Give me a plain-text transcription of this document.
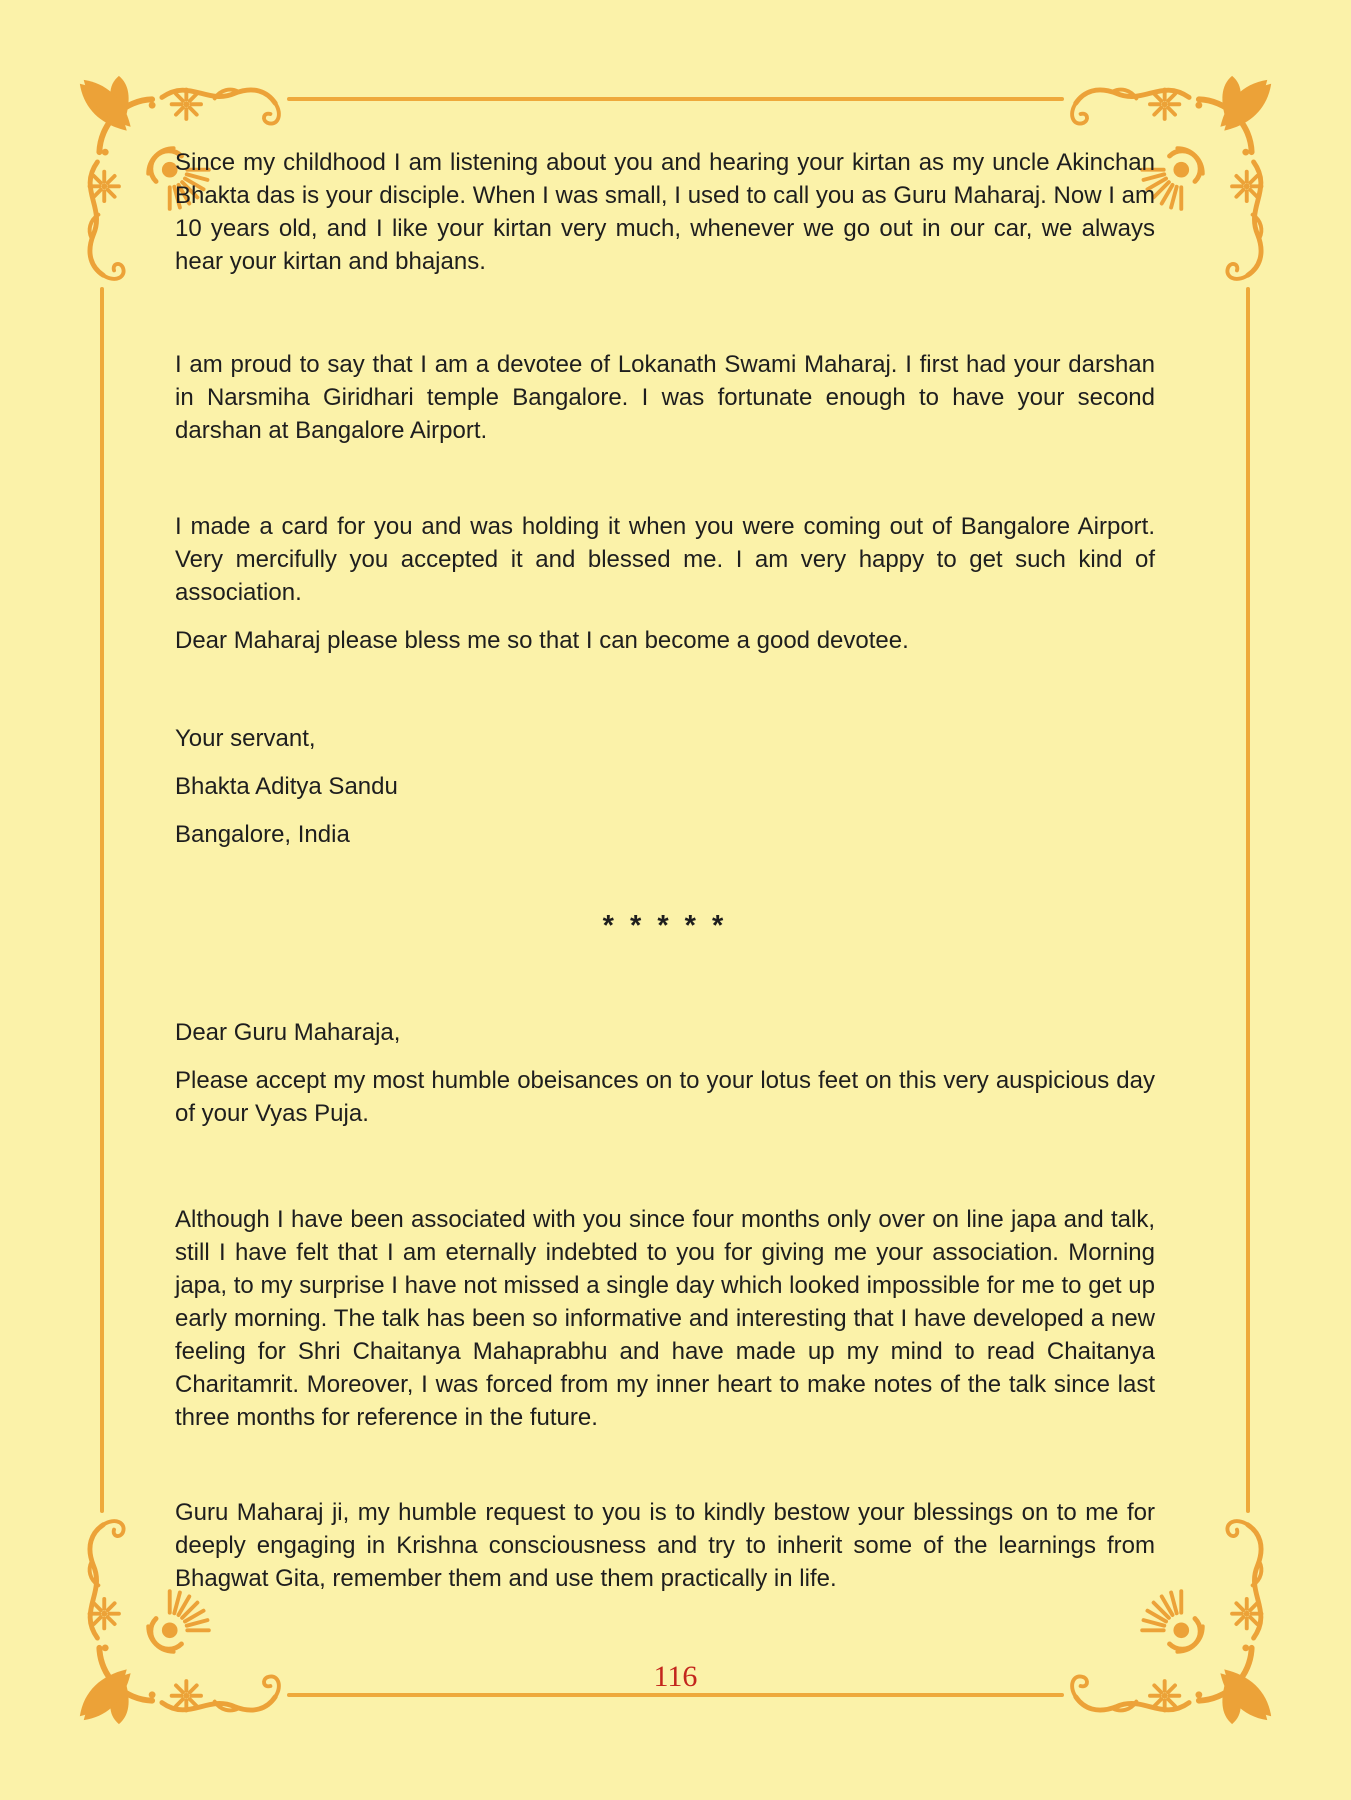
Since my childhood I am listening about you and hearing your kirtan as my uncle Akinchan Bhakta das is your disciple. When I was small, I used to call you as Guru Maharaj. Now I am 10 years old, and I like your kirtan very much, whenever we go out in our car, we always hear your kirtan and bhajans.
I am proud to say that I am a devotee of Lokanath Swami Maharaj. I first had your darshan in Narsmiha Giridhari temple Bangalore. I was fortunate enough to have your second darshan at Bangalore Airport.
I made a card for you and was holding it when you were coming out of Bangalore Airport. Very mercifully you accepted it and blessed me. I am very happy to get such kind of association.
Dear Maharaj please bless me so that I can become a good devotee.
Your servant,
Bhakta Aditya Sandu
Bangalore, India
* * * * *
Dear Guru Maharaja,
Please accept my most humble obeisances on to your lotus feet on this very auspicious day of your Vyas Puja.
Although I have been associated with you since four months only over on line japa and talk, still I have felt that I am eternally indebted to you for giving me your association. Morning japa, to my surprise I have not missed a single day which looked impossible for me to get up early morning. The talk has been so informative and interesting that I have developed a new feeling for Shri Chaitanya Mahaprabhu and have made up my mind to read Chaitanya Charitamrit. Moreover, I was forced from my inner heart to make notes of the talk since last three months for reference in the future.
Guru Maharaj ji, my humble request to you is to kindly bestow your blessings on to me for deeply engaging in Krishna consciousness and try to inherit some of the learnings from Bhagwat Gita, remember them and use them practically in life.
116
